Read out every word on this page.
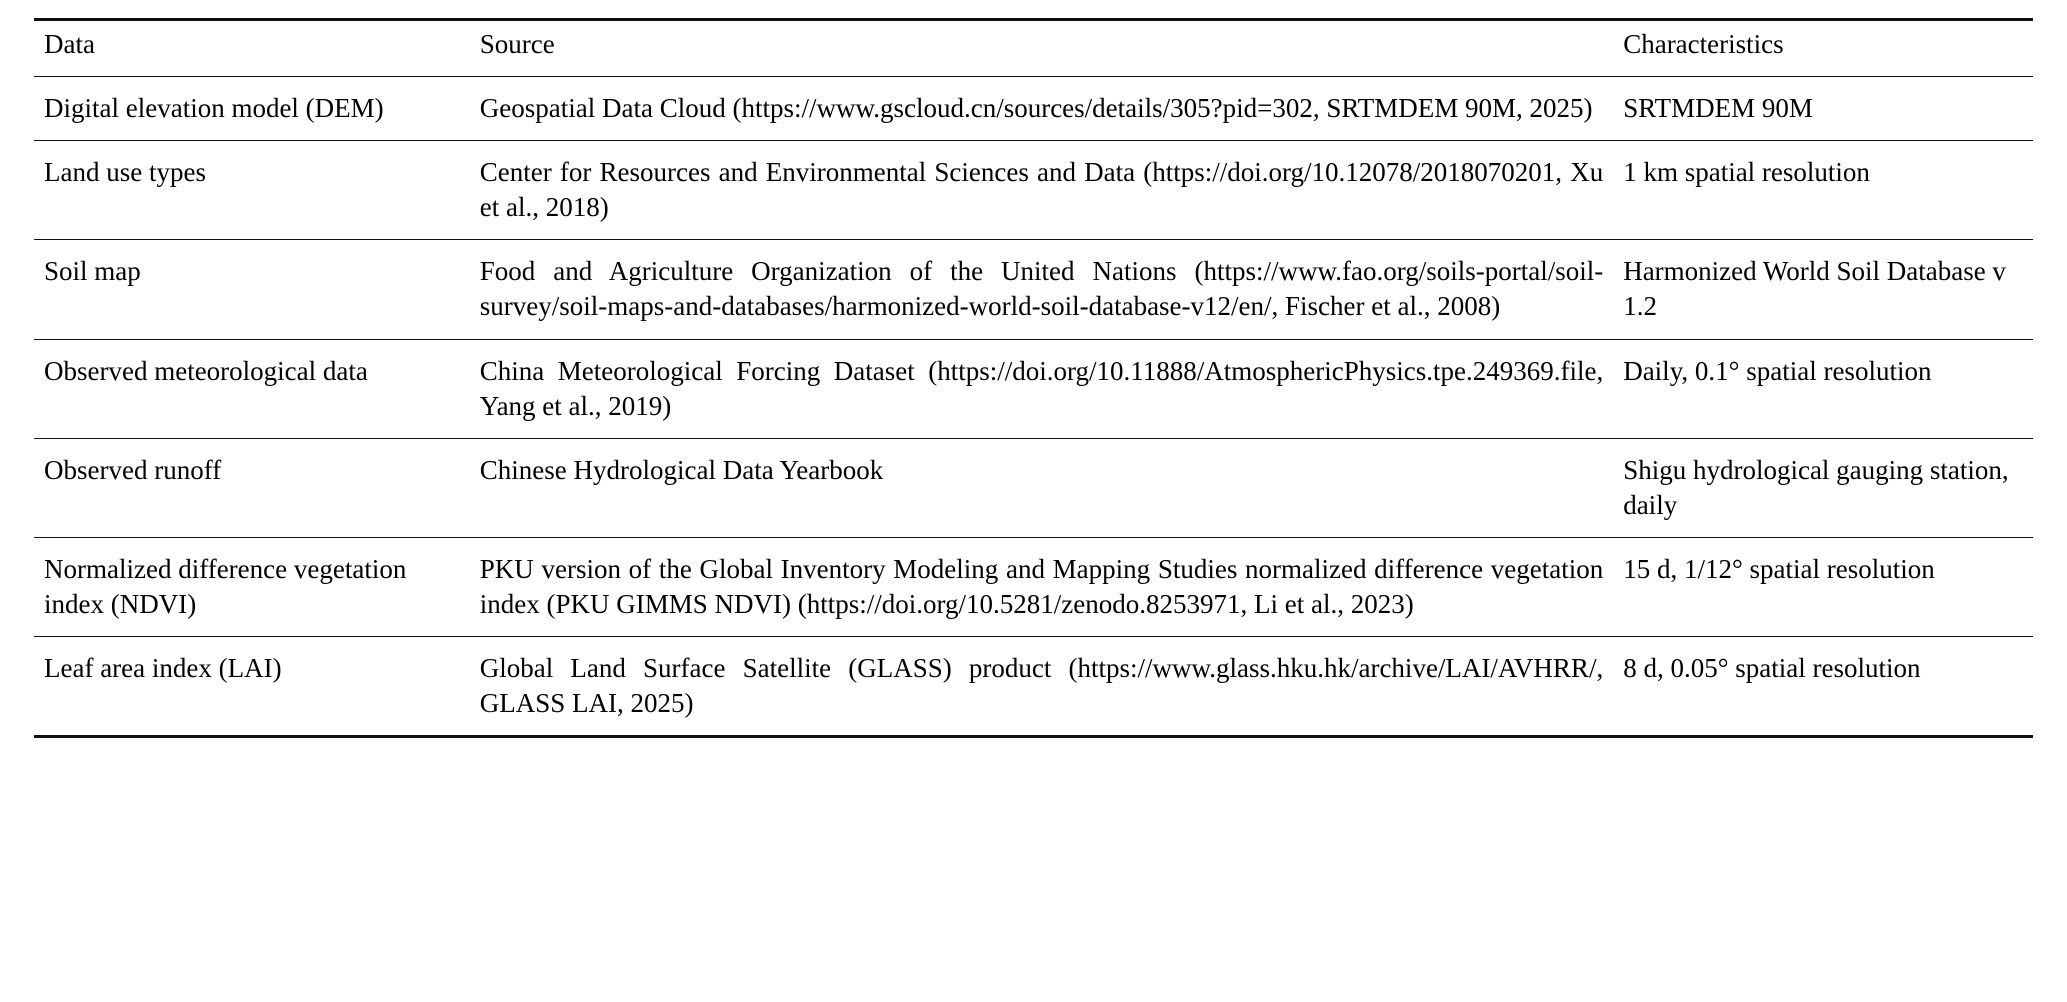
Data	Source	Characteristics
Digital elevation model (DEM)	Geospatial Data Cloud (https://www.gscloud.cn/sources/details/305?pid=302, SRTMDEM 90M, 2025)	SRTMDEM 90M
Land use types	Center for Resources and Environmental Sciences and Data (https://doi.org/10.12078/2018070201, Xu et al., 2018)	1 km spatial resolution
Soil map	Food and Agriculture Organization of the United Nations (https://www.fao.org/soils-portal/soil-survey/soil-maps-and-databases/harmonized-world-soil-database-v12/en/, Fischer et al., 2008)	Harmonized World Soil Database v 1.2
Observed meteorological data	China Meteorological Forcing Dataset (https://doi.org/10.11888/AtmosphericPhysics.tpe.249369.file, Yang et al., 2019)	Daily, 0.1° spatial resolution
Observed runoff	Chinese Hydrological Data Yearbook	Shigu hydrological gauging station, daily
Normalized difference vegetation index (NDVI)	PKU version of the Global Inventory Modeling and Mapping Studies normalized difference vegetation index (PKU GIMMS NDVI) (https://doi.org/10.5281/zenodo.8253971, Li et al., 2023)	15 d, 1/12° spatial resolution
Leaf area index (LAI)	Global Land Surface Satellite (GLASS) product (https://www.glass.hku.hk/archive/LAI/AVHRR/, GLASS LAI, 2025)	8 d, 0.05° spatial resolution
